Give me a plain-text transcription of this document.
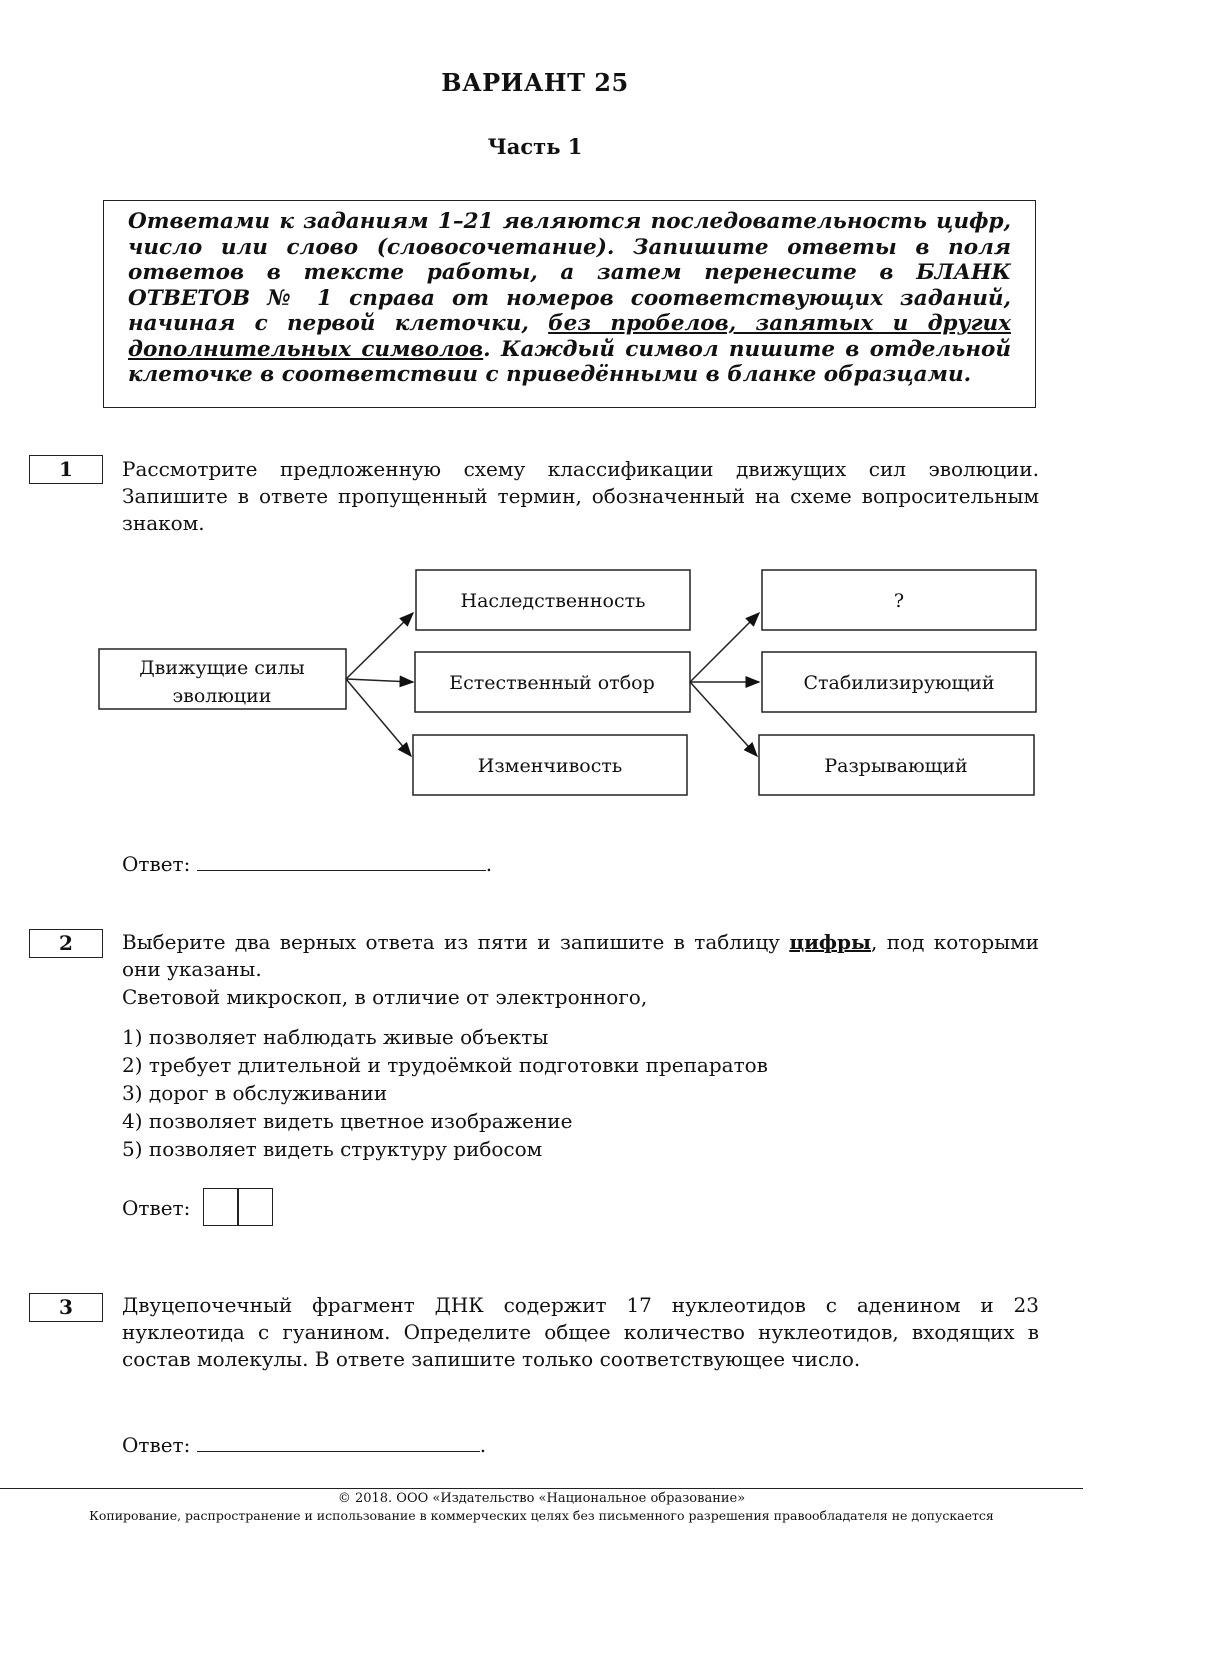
ВАРИАНТ 25
Часть 1
Ответами к заданиям 1–21 являются последовательность цифр, число или слово (словосочетание). Запишите ответы в поля ответов в тексте работы, а затем перенесите в БЛАНК ОТВЕТОВ № 1 справа от номеров соответствующих заданий, начиная с первой клеточки, без пробелов, запятых и других дополнительных символов. Каждый символ пишите в отдельной клеточке в соответствии с приведёнными в бланке образцами.
1	Рассмотрите предложенную схему классификации движущих сил эволюции. Запишите в ответе пропущенный термин, обозначенный на схеме вопросительным знаком.
Движущие силы
эволюции
Наследственность
Естественный отбор
Изменчивость
?
Стабилизирующий
Разрывающий
Ответ:	.
2	Выберите два верных ответа из пяти и запишите в таблицу цифры, под которыми они указаны.
Световой микроскоп, в отличие от электронного,
1) позволяет наблюдать живые объекты
2) требует длительной и трудоёмкой подготовки препаратов
3) дорог в обслуживании
4) позволяет видеть цветное изображение
5) позволяет видеть структуру рибосом
Ответ:
3	Двуцепочечный фрагмент ДНК содержит 17 нуклеотидов с аденином и 23 нуклеотида с гуанином. Определите общее количество нуклеотидов, входящих в состав молекулы. В ответе запишите только соответствующее число.
Ответ:	.
© 2018. ООО «Издательство «Национальное образование»
Копирование, распространение и использование в коммерческих целях без письменного разрешения правообладателя не допускается
